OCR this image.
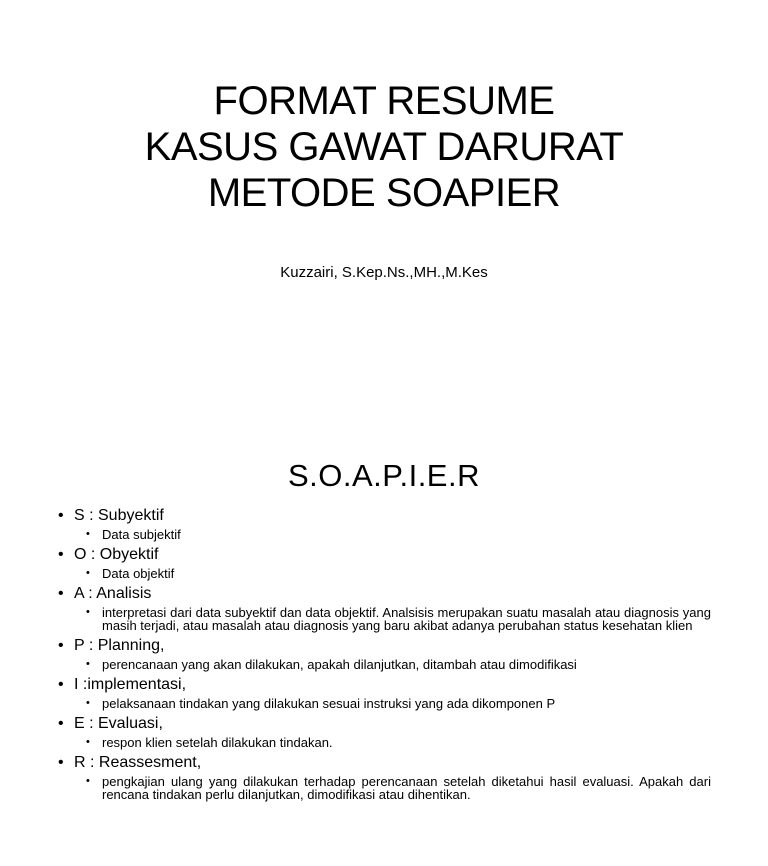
FORMAT RESUME
KASUS GAWAT DARURAT
METODE SOAPIER
Kuzzairi, S.Kep.Ns.,MH.,M.Kes
S.O.A.P.I.E.R
• S : Subyektif
• Data subjektif
• O : Obyektif
• Data objektif
• A : Analisis
• interpretasi dari data subyektif dan data objektif. Analsisis merupakan suatu masalah atau diagnosis yang masih terjadi, atau masalah atau diagnosis yang baru akibat adanya perubahan status kesehatan klien
• P : Planning,
• perencanaan yang akan dilakukan, apakah dilanjutkan, ditambah atau dimodifikasi
• I :implementasi,
• pelaksanaan tindakan yang dilakukan sesuai instruksi yang ada dikomponen P
• E : Evaluasi,
• respon klien setelah dilakukan tindakan.
• R : Reassesment,
• pengkajian ulang yang dilakukan terhadap perencanaan setelah diketahui hasil evaluasi. Apakah dari rencana tindakan perlu dilanjutkan, dimodifikasi atau dihentikan.
